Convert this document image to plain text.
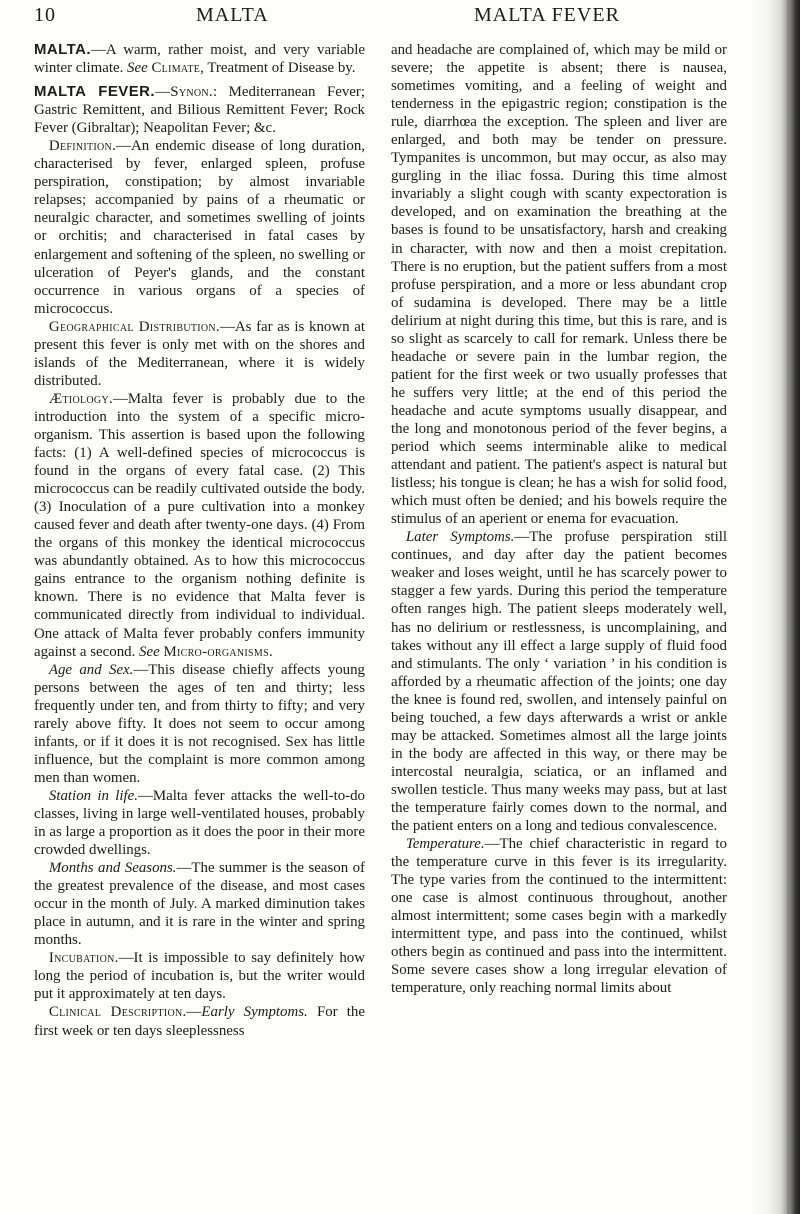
10	MALTA	MALTA FEVER

MALTA.—A warm, rather moist, and very variable winter climate. See Climate, Treatment of Disease by.

MALTA FEVER.—Synon.: Mediterranean Fever; Gastric Remittent, and Bilious Remittent Fever; Rock Fever (Gibraltar); Neapolitan Fever; &c.

Definition.—An endemic disease of long duration, characterised by fever, enlarged spleen, profuse perspiration, constipation; by almost invariable relapses; accompanied by pains of a rheumatic or neuralgic character, and sometimes swelling of joints or orchitis; and characterised in fatal cases by enlargement and softening of the spleen, no swelling or ulceration of Peyer's glands, and the constant occurrence in various organs of a species of micrococcus.

Geographical Distribution.—As far as is known at present this fever is only met with on the shores and islands of the Mediterranean, where it is widely distributed.

Ætiology.—Malta fever is probably due to the introduction into the system of a specific micro-organism. This assertion is based upon the following facts: (1) A well-defined species of micrococcus is found in the organs of every fatal case. (2) This micrococcus can be readily cultivated outside the body. (3) Inoculation of a pure cultivation into a monkey caused fever and death after twenty-one days. (4) From the organs of this monkey the identical micrococcus was abundantly obtained. As to how this micrococcus gains entrance to the organism nothing definite is known. There is no evidence that Malta fever is communicated directly from individual to individual. One attack of Malta fever probably confers immunity against a second. See Micro-organisms.

Age and Sex.—This disease chiefly affects young persons between the ages of ten and thirty; less frequently under ten, and from thirty to fifty; and very rarely above fifty. It does not seem to occur among infants, or if it does it is not recognised. Sex has little influence, but the complaint is more common among men than women.

Station in life.—Malta fever attacks the well-to-do classes, living in large well-ventilated houses, probably in as large a proportion as it does the poor in their more crowded dwellings.

Months and Seasons.—The summer is the season of the greatest prevalence of the disease, and most cases occur in the month of July. A marked diminution takes place in autumn, and it is rare in the winter and spring months.

Incubation.—It is impossible to say definitely how long the period of incubation is, but the writer would put it approximately at ten days.

Clinical Description.—Early Symptoms. For the first week or ten days sleeplessness

and headache are complained of, which may be mild or severe; the appetite is absent; there is nausea, sometimes vomiting, and a feeling of weight and tenderness in the epigastric region; constipation is the rule, diarrhœa the exception. The spleen and liver are enlarged, and both may be tender on pressure. Tympanites is uncommon, but may occur, as also may gurgling in the iliac fossa. During this time almost invariably a slight cough with scanty expectoration is developed, and on examination the breathing at the bases is found to be unsatisfactory, harsh and creaking in character, with now and then a moist crepitation. There is no eruption, but the patient suffers from a most profuse perspiration, and a more or less abundant crop of sudamina is developed. There may be a little delirium at night during this time, but this is rare, and is so slight as scarcely to call for remark. Unless there be headache or severe pain in the lumbar region, the patient for the first week or two usually professes that he suffers very little; at the end of this period the headache and acute symptoms usually disappear, and the long and monotonous period of the fever begins, a period which seems interminable alike to medical attendant and patient. The patient's aspect is natural but listless; his tongue is clean; he has a wish for solid food, which must often be denied; and his bowels require the stimulus of an aperient or enema for evacuation.

Later Symptoms.—The profuse perspiration still continues, and day after day the patient becomes weaker and loses weight, until he has scarcely power to stagger a few yards. During this period the temperature often ranges high. The patient sleeps moderately well, has no delirium or restlessness, is uncomplaining, and takes without any ill effect a large supply of fluid food and stimulants. The only ‘ variation ’ in his condition is afforded by a rheumatic affection of the joints; one day the knee is found red, swollen, and intensely painful on being touched, a few days afterwards a wrist or ankle may be attacked. Sometimes almost all the large joints in the body are affected in this way, or there may be intercostal neuralgia, sciatica, or an inflamed and swollen testicle. Thus many weeks may pass, but at last the temperature fairly comes down to the normal, and the patient enters on a long and tedious convalescence.

Temperature.—The chief characteristic in regard to the temperature curve in this fever is its irregularity. The type varies from the continued to the intermittent: one case is almost continuous throughout, another almost intermittent; some cases begin with a markedly intermittent type, and pass into the continued, whilst others begin as continued and pass into the intermittent. Some severe cases show a long irregular elevation of temperature, only reaching normal limits about
